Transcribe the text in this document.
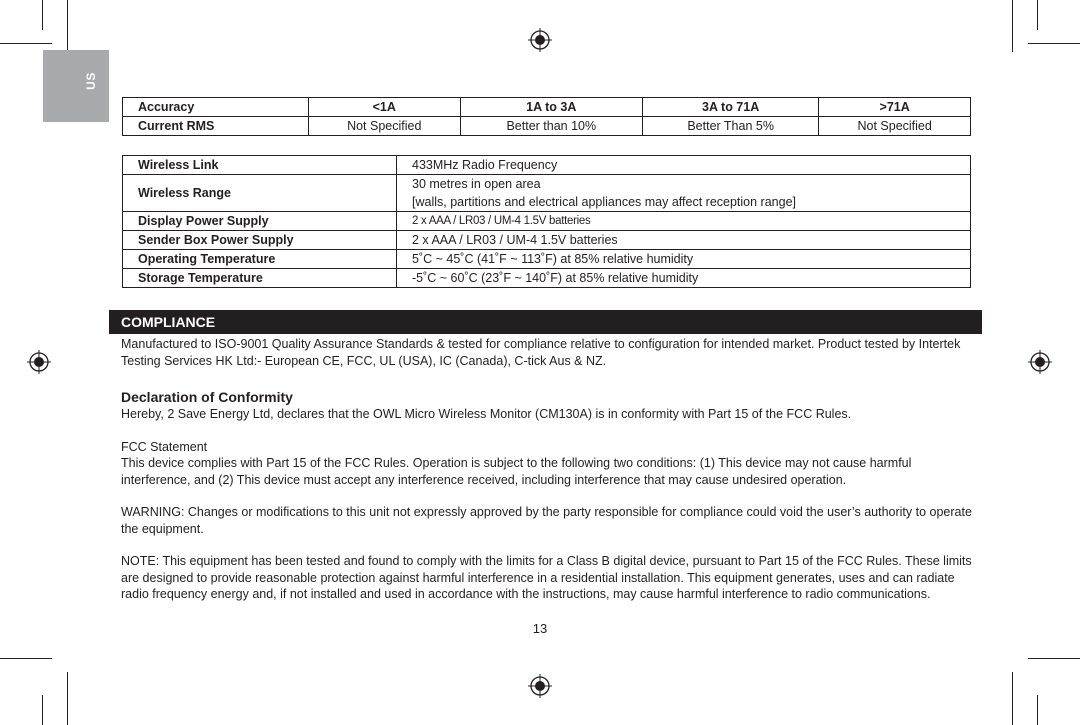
US
Accuracy	<1A	1A to 3A	3A to 71A	>71A
Current RMS	Not Specified	Better than 10%	Better Than 5%	Not Specified
Wireless Link	433MHz Radio Frequency
Wireless Range	30 metres in open area
[walls, partitions and electrical appliances may affect reception range]

Display Power Supply	2 x AAA / LR03 / UM-4 1.5V batteries
Sender Box Power Supply	2 x AAA / LR03 / UM-4 1.5V batteries
Operating Temperature	5˚C ~ 45˚C (41˚F ~ 113˚F) at 85% relative humidity
Storage Temperature	-5˚C ~ 60˚C (23˚F ~ 140˚F) at 85% relative humidity
COMPLIANCE

Manufactured to ISO-9001 Quality Assurance Standards & tested for compliance relative to configuration for intended market. Product tested by Intertek Testing Services HK Ltd:- European CE, FCC, UL (USA), IC (Canada), C-tick Aus & NZ.

Declaration of Conformity

Hereby, 2 Save Energy Ltd, declares that the OWL Micro Wireless Monitor (CM130A) is in conformity with Part 15 of the FCC Rules.

FCC Statement

This device complies with Part 15 of the FCC Rules. Operation is subject to the following two conditions: (1) This device may not cause harmful interference, and (2) This device must accept any interference received, including interference that may cause undesired operation.

WARNING: Changes or modifications to this unit not expressly approved by the party responsible for compliance could void the user’s authority to operate the equipment.

NOTE: This equipment has been tested and found to comply with the limits for a Class B digital device, pursuant to Part 15 of the FCC Rules. These limits are designed to provide reasonable protection against harmful interference in a residential installation. This equipment generates, uses and can radiate radio frequency energy and, if not installed and used in accordance with the instructions, may cause harmful interference to radio communications.

13
